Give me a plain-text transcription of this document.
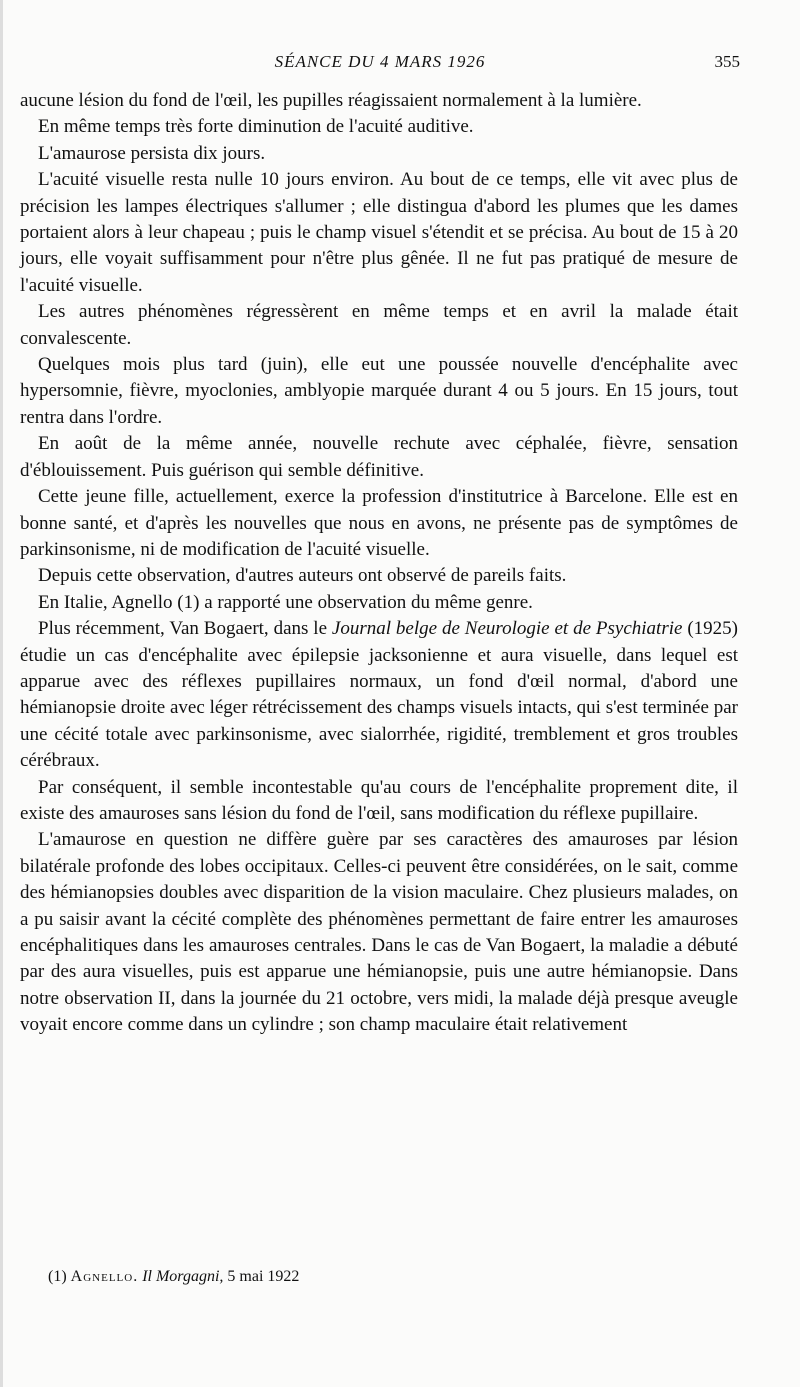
SÉANCE DU 4 MARS 1926	355

aucune lésion du fond de l'œil, les pupilles réagissaient normalement à la lumière.

En même temps très forte diminution de l'acuité auditive.

L'amaurose persista dix jours.

L'acuité visuelle resta nulle 10 jours environ. Au bout de ce temps, elle vit avec plus de précision les lampes électriques s'allumer ; elle distingua d'abord les plumes que les dames portaient alors à leur chapeau ; puis le champ visuel s'étendit et se précisa. Au bout de 15 à 20 jours, elle voyait suffisamment pour n'être plus gênée. Il ne fut pas pratiqué de mesure de l'acuité visuelle.

Les autres phénomènes régressèrent en même temps et en avril la malade était convalescente.

Quelques mois plus tard (juin), elle eut une poussée nouvelle d'encéphalite avec hypersomnie, fièvre, myoclonies, amblyopie marquée durant 4 ou 5 jours. En 15 jours, tout rentra dans l'ordre.

En août de la même année, nouvelle rechute avec céphalée, fièvre, sensation d'éblouissement. Puis guérison qui semble définitive.

Cette jeune fille, actuellement, exerce la profession d'institutrice à Barcelone. Elle est en bonne santé, et d'après les nouvelles que nous en avons, ne présente pas de symptômes de parkinsonisme, ni de modification de l'acuité visuelle.

Depuis cette observation, d'autres auteurs ont observé de pareils faits.

En Italie, Agnello (1) a rapporté une observation du même genre.

Plus récemment, Van Bogaert, dans le Journal belge de Neurologie et de Psychiatrie (1925) étudie un cas d'encéphalite avec épilepsie jacksonienne et aura visuelle, dans lequel est apparue avec des réflexes pupillaires normaux, un fond d'œil normal, d'abord une hémianopsie droite avec léger rétrécissement des champs visuels intacts, qui s'est terminée par une cécité totale avec parkinsonisme, avec sialorrhée, rigidité, tremblement et gros troubles cérébraux.

Par conséquent, il semble incontestable qu'au cours de l'encéphalite proprement dite, il existe des amauroses sans lésion du fond de l'œil, sans modification du réflexe pupillaire.

L'amaurose en question ne diffère guère par ses caractères des amauroses par lésion bilatérale profonde des lobes occipitaux. Celles-ci peuvent être considérées, on le sait, comme des hémianopsies doubles avec disparition de la vision maculaire. Chez plusieurs malades, on a pu saisir avant la cécité complète des phénomènes permettant de faire entrer les amauroses encéphalitiques dans les amauroses centrales. Dans le cas de Van Bogaert, la maladie a débuté par des aura visuelles, puis est apparue une hémianopsie, puis une autre hémianopsie. Dans notre observation II, dans la journée du 21 octobre, vers midi, la malade déjà presque aveugle voyait encore comme dans un cylindre ; son champ maculaire était relativement

(1) Agnello. Il Morgagni, 5 mai 1922
